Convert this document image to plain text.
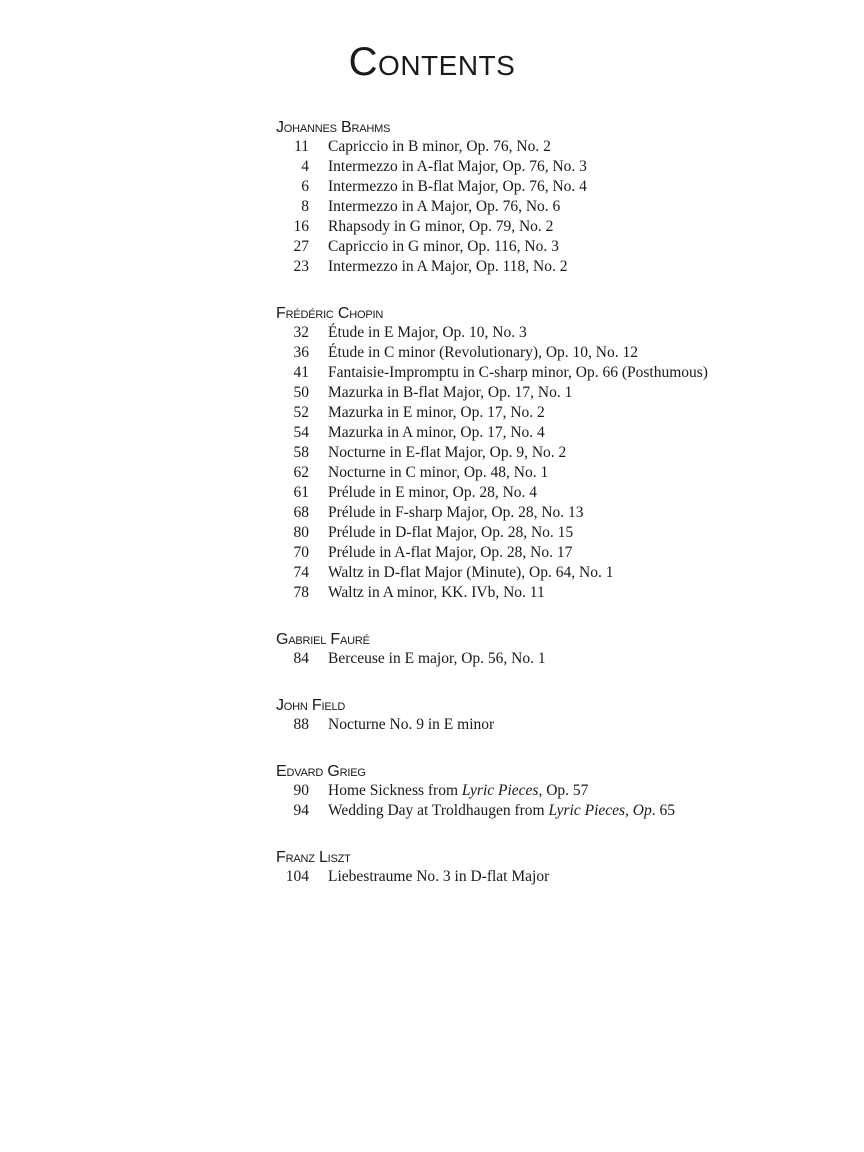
Contents
Johannes Brahms
11 Capriccio in B minor, Op. 76, No. 2
4 Intermezzo in A-flat Major, Op. 76, No. 3
6 Intermezzo in B-flat Major, Op. 76, No. 4
8 Intermezzo in A Major, Op. 76, No. 6
16 Rhapsody in G minor, Op. 79, No. 2
27 Capriccio in G minor, Op. 116, No. 3
23 Intermezzo in A Major, Op. 118, No. 2
Frédéric Chopin
32 Étude in E Major, Op. 10, No. 3
36 Étude in C minor (Revolutionary), Op. 10, No. 12
41 Fantaisie-Impromptu in C-sharp minor, Op. 66 (Posthumous)
50 Mazurka in B-flat Major, Op. 17, No. 1
52 Mazurka in E minor, Op. 17, No. 2
54 Mazurka in A minor, Op. 17, No. 4
58 Nocturne in E-flat Major, Op. 9, No. 2
62 Nocturne in C minor, Op. 48, No. 1
61 Prélude in E minor, Op. 28, No. 4
68 Prélude in F-sharp Major, Op. 28, No. 13
80 Prélude in D-flat Major, Op. 28, No. 15
70 Prélude in A-flat Major, Op. 28, No. 17
74 Waltz in D-flat Major (Minute), Op. 64, No. 1
78 Waltz in A minor, KK. IVb, No. 11
Gabriel Fauré
84 Berceuse in E major, Op. 56, No. 1
John Field
88 Nocturne No. 9 in E minor
Edvard Grieg
90 Home Sickness from Lyric Pieces, Op. 57
94 Wedding Day at Troldhaugen from Lyric Pieces, Op. 65
Franz Liszt
104 Liebestraume No. 3 in D-flat Major
